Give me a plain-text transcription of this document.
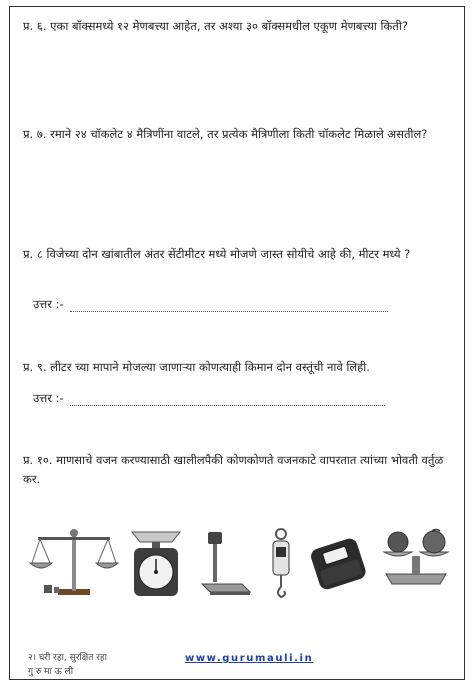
प्र. ६. एका बॉक्समध्ये १२ मेणबत्त्या आहेत, तर अश्या ३० बॉक्समधील एकूण मेणबत्त्या किती?
प्र. ७. रमाने २४ चॉकलेट ४ मैत्रिणींना वाटले, तर प्रत्येक मैत्रिणीला किती चॉकलेट मिळाले असतील?
प्र. ८ विजेच्या दोन खांबातील अंतर सेंटीमीटर मध्ये मोजणे जास्त सोयीचे आहे की, मीटर मध्ये ?
उत्तर :-
प्र. ९. लीटर च्या मापाने मोजल्या जाणाऱ्या कोणत्याही किमान दोन वस्तूंची नावे लिही.
उत्तर :-
प्र. १०. माणसाचे वजन करण्यासाठी खालीलपैकी कोणकोणते वजनकाटे वापरतात त्यांच्या भोवती वर्तुळ कर.
२। घरी रहा, सुरक्षित रहा
गु रु मा ऊ ली
www.gurumauli.in
